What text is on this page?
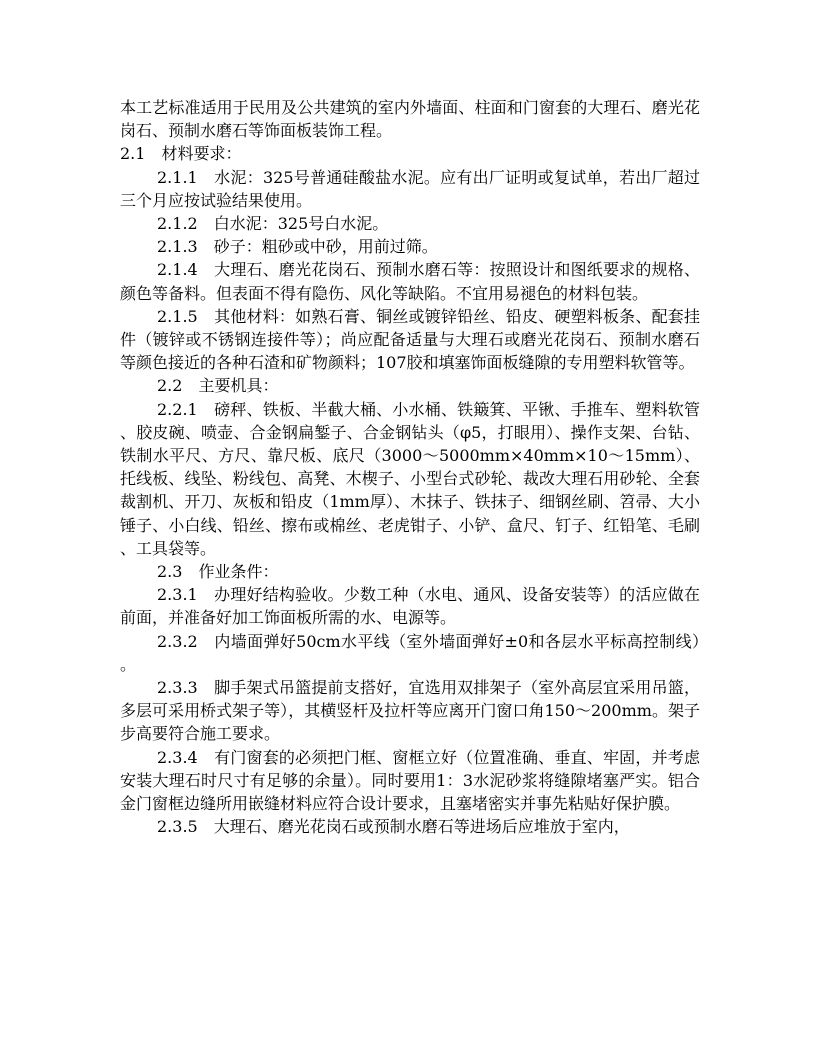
本工艺标准适用于民用及公共建筑的室内外墙面、柱面和门窗套的大理石、磨光花岗石、预制水磨石等饰面板装饰工程。

2.1　材料要求：

2.1.1　水泥：325号普通硅酸盐水泥。应有出厂证明或复试单，若出厂超过三个月应按试验结果使用。

2.1.2　白水泥：325号白水泥。

2.1.3　砂子：粗砂或中砂，用前过筛。

2.1.4　大理石、磨光花岗石、预制水磨石等：按照设计和图纸要求的规格、颜色等备料。但表面不得有隐伤、风化等缺陷。不宜用易褪色的材料包装。

2.1.5　其他材料：如熟石膏、铜丝或镀锌铅丝、铅皮、硬塑料板条、配套挂件（镀锌或不锈钢连接件等）；尚应配备适量与大理石或磨光花岗石、预制水磨石等颜色接近的各种石渣和矿物颜料；107胶和填塞饰面板缝隙的专用塑料软管等。

2.2　主要机具：

2.2.1　磅秤、铁板、半截大桶、小水桶、铁簸箕、平锹、手推车、塑料软管、胶皮碗、喷壶、合金钢扁錾子、合金钢钻头（φ5，打眼用）、操作支架、台钻、铁制水平尺、方尺、靠尺板、底尺（3000～5000mm×40mm×10～15mm）、托线板、线坠、粉线包、高凳、木楔子、小型台式砂轮、裁改大理石用砂轮、全套裁割机、开刀、灰板和铅皮（1mm厚）、木抹子、铁抹子、细钢丝刷、笤帚、大小锤子、小白线、铅丝、擦布或棉丝、老虎钳子、小铲、盒尺、钉子、红铅笔、毛刷、工具袋等。

2.3　作业条件：

2.3.1　办理好结构验收。少数工种（水电、通风、设备安装等）的活应做在前面，并准备好加工饰面板所需的水、电源等。

2.3.2　内墙面弹好50cm水平线（室外墙面弹好±0和各层水平标高控制线）。

2.3.3　脚手架式吊篮提前支搭好，宜选用双排架子（室外高层宜采用吊篮，多层可采用桥式架子等），其横竖杆及拉杆等应离开门窗口角150～200mm。架子步高要符合施工要求。

2.3.4　有门窗套的必须把门框、窗框立好（位置准确、垂直、牢固，并考虑安装大理石时尺寸有足够的余量）。同时要用1：3水泥砂浆将缝隙堵塞严实。铝合金门窗框边缝所用嵌缝材料应符合设计要求，且塞堵密实并事先粘贴好保护膜。

2.3.5　大理石、磨光花岗石或预制水磨石等进场后应堆放于室内，
